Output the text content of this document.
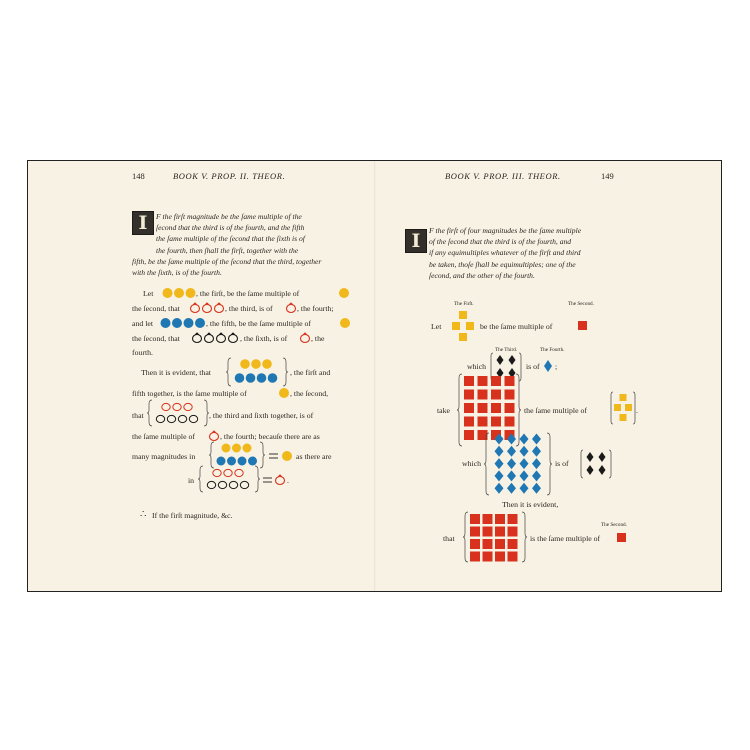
148	BOOK V. PROP. II. THEOR.
I	F the firſt magnitude be the ſame multiple of the
ſecond that the third is of the fourth, and the fifth
the ſame multiple of the ſecond that the ſixth is of
the fourth, then ſhall the firſt, together with the
fifth, be the ſame multiple of the ſecond that the third, together
with the ſixth, is of the fourth.
Let	, the firſt, be the ſame multiple of
the ſecond, that	, the third, is of	, the fourth;
and let	, the fifth, be the ſame multiple of
the ſecond, that	, the ſixth, is of	, the
fourth.
Then it is evident, that	, the firſt and
fifth together, is the ſame multiple of	, the ſecond,
that	, the third and ſixth together, is of
the ſame multiple of	, the fourth; becauſe there are as
many magnitudes in	as there are
in	.
∴ If the firſt magnitude, &c.
BOOK V. PROP. III. THEOR.	149
I	F the firſt of four magnitudes be the ſame multiple
of the ſecond that the third is of the fourth, and
if any equimultiples whatever of the firſt and third
be taken, thoſe ſhall be equimultiples; one of the
ſecond, and the other of the fourth.
The Firſt.	The Second.
Let	be the ſame multiple of
The Third.	The Fourth.
which	is of ;
take	the ſame multiple of	.
which	is of
Then it is evident,
that	is the ſame multiple of
The Second.
